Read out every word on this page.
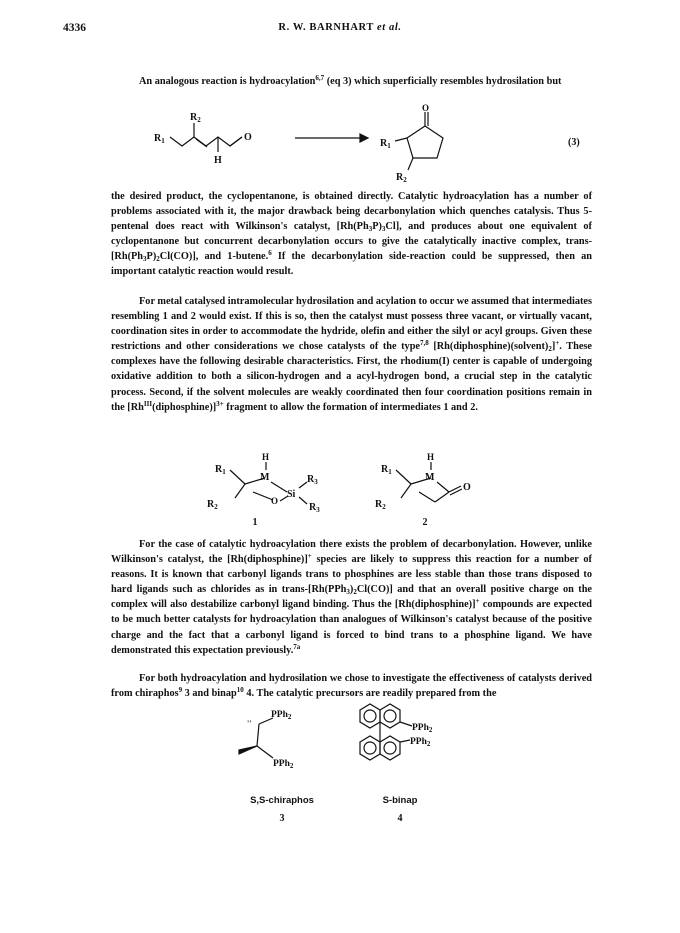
4336	R. W. BARNHART et al.

An analogous reaction is hydroacylation$^{6,7}$ (eq 3) which superficially resembles hydrosilation but

$R_1$
$R_2$
H
O
O
$R_1$
$R_2$
(3)

the desired product, the cyclopentanone, is obtained directly. Catalytic hydroacylation has a number of problems associated with it, the major drawback being decarbonylation which quenches catalysis. Thus 5-pentenal does react with Wilkinson's catalyst, $[Rh(Ph_3P)_3Cl]$, and produces about one equivalent of cyclopentanone but concurrent decarbonylation occurs to give the catalytically inactive complex, trans-$[Rh(Ph_3P)_2Cl(CO)]$, and 1-butene.$^6$ If the decarbonylation side-reaction could be suppressed, then an important catalytic reaction would result.

For metal catalysed intramolecular hydrosilation and acylation to occur we assumed that intermediates resembling 1 and 2 would exist. If this is so, then the catalyst must possess three vacant, or virtually vacant, coordination sites in order to accommodate the hydride, olefin and either the silyl or acyl groups. Given these restrictions and other considerations we chose catalysts of the type$^{7,8}$ $[Rh(diphosphine)(solvent)_2]^+$. These complexes have the following desirable characteristics. First, the rhodium(I) center is capable of undergoing oxidative addition to both a silicon-hydrogen and a acyl-hydrogen bond, a crucial step in the catalytic process. Second, if the solvent molecules are weakly coordinated then four coordination positions remain in the $[Rh^{III}(diphosphine)]^{3+}$ fragment to allow the formation of intermediates 1 and 2.

$R_1$
$R_2$
H
M
O
Si
$R_3$
$R_3$
$R_1$
$R_2$
H
M
O
1	2

For the case of catalytic hydroacylation there exists the problem of decarbonylation. However, unlike Wilkinson's catalyst, the [Rh(diphosphine)]+ species are likely to suppress this reaction for a number of reasons. It is known that carbonyl ligands trans to phosphines are less stable than those trans disposed to hard ligands such as chlorides as in trans-$[Rh(PPh_3)_2Cl(CO)]$ and that an overall positive charge on the complex will also destabilize carbonyl ligand binding. Thus the [Rh(diphosphine)]+ compounds are expected to be much better catalysts for hydroacylation than analogues of Wilkinson's catalyst because of the positive charge and the fact that a carbonyl ligand is forced to bind trans to a phosphine ligand. We have demonstrated this expectation previously.$^{7a}$

For both hydroacylation and hydrosilation we chose to investigate the effectiveness of catalysts derived from chiraphos$^9$ 3 and binap$^{10}$ 4. The catalytic precursors are readily prepared from the

''
PPh$_2$
PPh$_2$
PPh$_2$
PPh$_2$
S,S-chiraphos	S-binap
3	4
